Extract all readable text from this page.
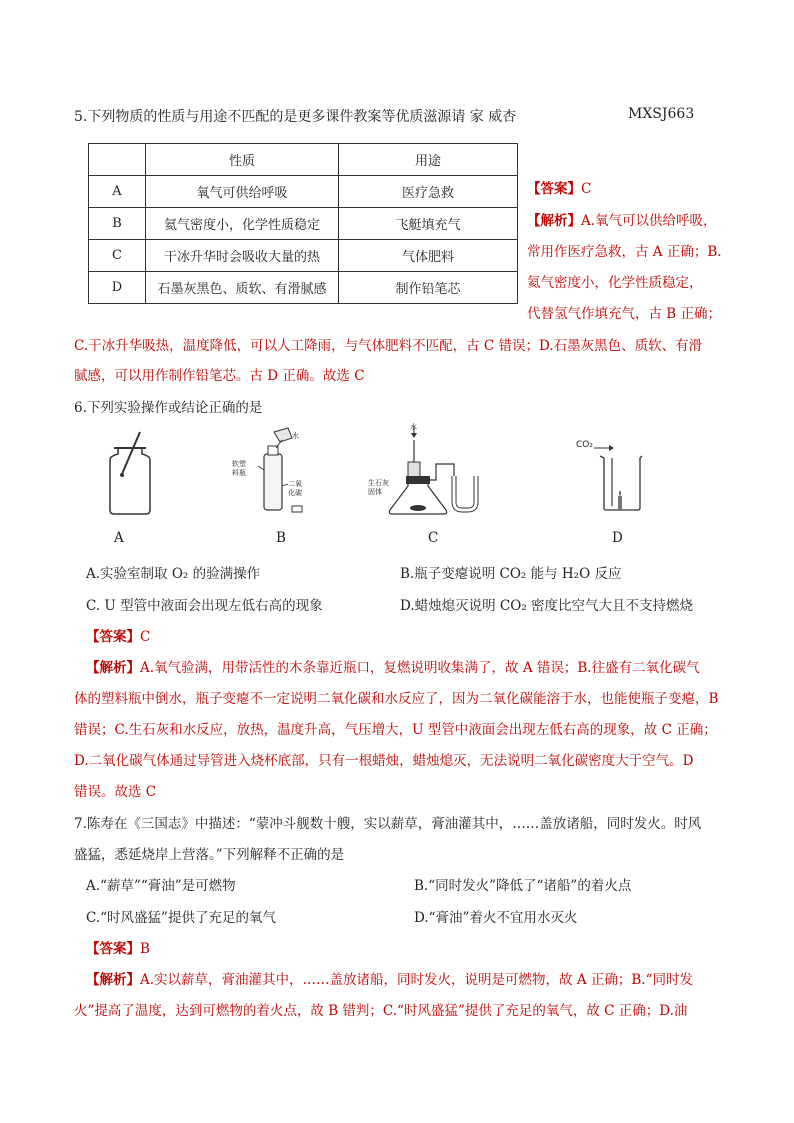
5.下列物质的性质与用途不匹配的是更多课件教案等优质滋源请 家 威杏	MXSJ663
	性质	用途
A	氧气可供给呼吸	医疗急救
B	氦气密度小，化学性质稳定	飞艇填充气
C	干冰升华时会吸收大量的热	气体肥料
D	石墨灰黑色、质软、有滑腻感	制作铅笔芯
【答案】C
【解析】A.氧气可以供给呼吸，
常用作医疗急救，古 A 正确；B.
氦气密度小，化学性质稳定，
代替氢气作填充气，古 B 正确；
C.干冰升华吸热，温度降低，可以人工降雨，与气体肥料不匹配，古 C 错误；D.石墨灰黑色、质软、有滑
腻感，可以用作制作铅笔芯。古 D 正确。故选 C
6.下列实验操作或结论正确的是
软塑
料瓶
水
二氧
化碳
水
生石灰
固体
CO₂
A	B	C	D
A.实验室制取 O₂ 的验满操作	B.瓶子变瘪说明 CO₂ 能与 H₂O 反应
C. U 型管中液面会出现左低右高的现象	D.蜡烛熄灭说明 CO₂ 密度比空气大且不支持燃烧
【答案】C
【解析】A.氧气验满，用带活性的木条靠近瓶口，复燃说明收集满了，故 A 错误；B.往盛有二氧化碳气
体的塑料瓶中倒水，瓶子变瘪不一定说明二氧化碳和水反应了，因为二氧化碳能溶于水，也能使瓶子变瘪，B
错误；C.生石灰和水反应，放热，温度升高，气压增大，U 型管中液面会出现左低右高的现象，故 C 正确；
D.二氧化碳气体通过导管进入烧杯底部，只有一根蜡烛，蜡烛熄灭，无法说明二氧化碳密度大于空气。D
错误。故选 C
7.陈寿在《三国志》中描述：“蒙冲斗舰数十艘，实以薪草，膏油灌其中，……盖放诸船，同时发火。时风
盛猛，悉延烧岸上营落。”下列解释不正确的是
A.“薪草”“膏油”是可燃物	B.“同时发火”降低了“诸船”的着火点
C.“时风盛猛”提供了充足的氧气	D.“膏油”着火不宜用水灭火
【答案】B
【解析】A.实以薪草，膏油灌其中，……盖放诸船，同时发火，说明是可燃物，故 A 正确；B.“同时发
火”提高了温度，达到可燃物的着火点，故 B 错判；C.“时风盛猛”提供了充足的氧气，故 C 正确；D.油
